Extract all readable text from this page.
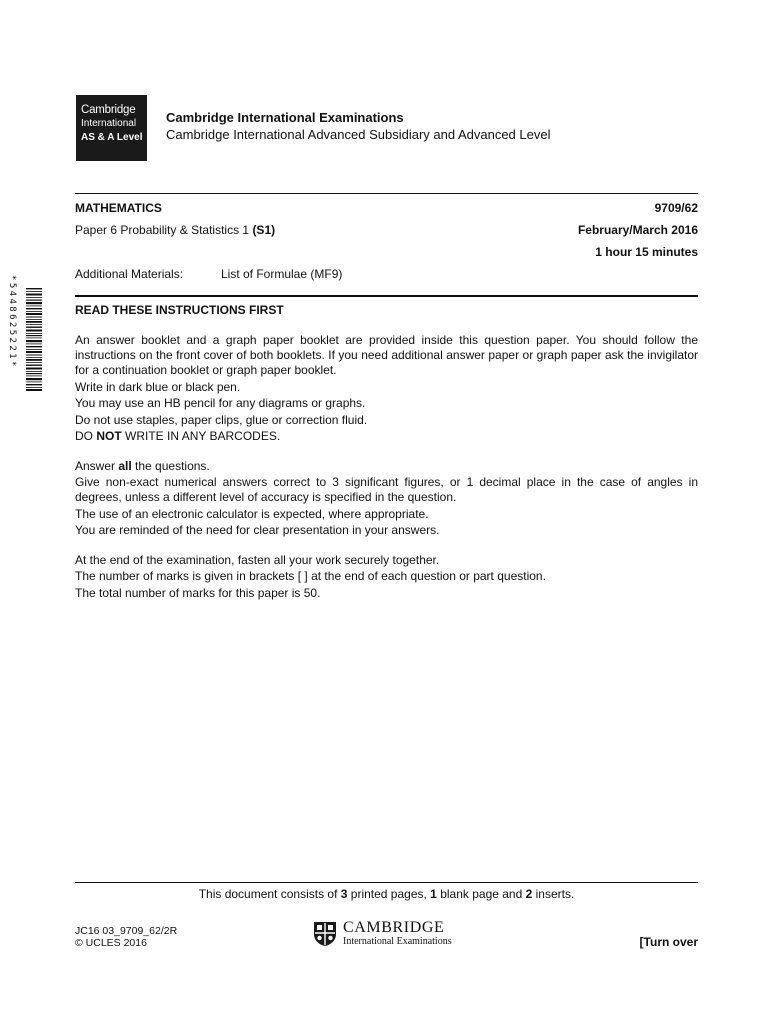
Cambridge
International
AS & A Level
Cambridge International Examinations
Cambridge International Advanced Subsidiary and Advanced Level
MATHEMATICS	9709/62
Paper 6 Probability & Statistics 1 (S1)	February/March 2016
1 hour 15 minutes
Additional Materials:	List of Formulae (MF9)
*5448625221*	READ THESE INSTRUCTIONS FIRST

An answer booklet and a graph paper booklet are provided inside this question paper. You should follow the instructions on the front cover of both booklets. If you need additional answer paper or graph paper ask the invigilator for a continuation booklet or graph paper booklet.

Write in dark blue or black pen.

You may use an HB pencil for any diagrams or graphs.

Do not use staples, paper clips, glue or correction fluid.

DO NOT WRITE IN ANY BARCODES.

Answer all the questions.

Give non-exact numerical answers correct to 3 significant figures, or 1 decimal place in the case of angles in degrees, unless a different level of accuracy is specified in the question.

The use of an electronic calculator is expected, where appropriate.

You are reminded of the need for clear presentation in your answers.

At the end of the examination, fasten all your work securely together.

The number of marks is given in brackets [ ] at the end of each question or part question.

The total number of marks for this paper is 50.

This document consists of 3 printed pages, 1 blank page and 2 inserts.
JC16 03_9709_62/2R
© UCLES 2016
CAMBRIDGE
International Examinations	[Turn over
